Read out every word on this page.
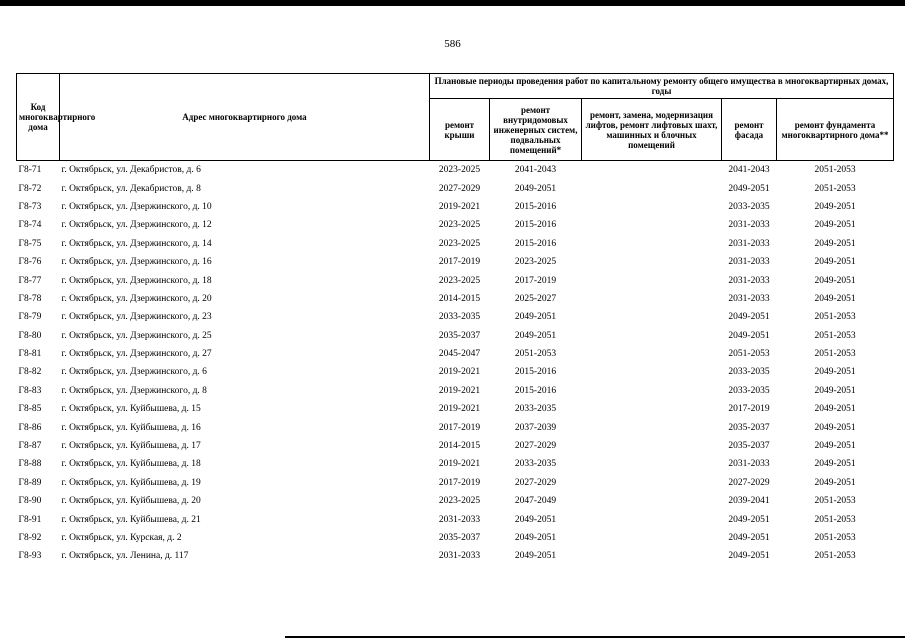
586
Код многоквартирного дома	Адрес многоквартирного дома	Плановые периоды проведения работ по капитальному ремонту общего имущества в многоквартирных домах, годы				
		ремонт крыши	ремонт внутридомовых инженерных систем, подвальных помещений*	ремонт, замена, модернизация лифтов, ремонт лифтовых шахт, машинных и блочных помещений	ремонт фасада	ремонт фундамента многоквартирного дома**
Г8-71	г. Октябрьск, ул. Декабристов, д. 6	2023-2025	2041-2043		2041-2043	2051-2053
Г8-72	г. Октябрьск, ул. Декабристов, д. 8	2027-2029	2049-2051		2049-2051	2051-2053
Г8-73	г. Октябрьск, ул. Дзержинского, д. 10	2019-2021	2015-2016		2033-2035	2049-2051
Г8-74	г. Октябрьск, ул. Дзержинского, д. 12	2023-2025	2015-2016		2031-2033	2049-2051
Г8-75	г. Октябрьск, ул. Дзержинского, д. 14	2023-2025	2015-2016		2031-2033	2049-2051
Г8-76	г. Октябрьск, ул. Дзержинского, д. 16	2017-2019	2023-2025		2031-2033	2049-2051
Г8-77	г. Октябрьск, ул. Дзержинского, д. 18	2023-2025	2017-2019		2031-2033	2049-2051
Г8-78	г. Октябрьск, ул. Дзержинского, д. 20	2014-2015	2025-2027		2031-2033	2049-2051
Г8-79	г. Октябрьск, ул. Дзержинского, д. 23	2033-2035	2049-2051		2049-2051	2051-2053
Г8-80	г. Октябрьск, ул. Дзержинского, д. 25	2035-2037	2049-2051		2049-2051	2051-2053
Г8-81	г. Октябрьск, ул. Дзержинского, д. 27	2045-2047	2051-2053		2051-2053	2051-2053
Г8-82	г. Октябрьск, ул. Дзержинского, д. 6	2019-2021	2015-2016		2033-2035	2049-2051
Г8-83	г. Октябрьск, ул. Дзержинского, д. 8	2019-2021	2015-2016		2033-2035	2049-2051
Г8-85	г. Октябрьск, ул. Куйбышева, д. 15	2019-2021	2033-2035		2017-2019	2049-2051
Г8-86	г. Октябрьск, ул. Куйбышева, д. 16	2017-2019	2037-2039		2035-2037	2049-2051
Г8-87	г. Октябрьск, ул. Куйбышева, д. 17	2014-2015	2027-2029		2035-2037	2049-2051
Г8-88	г. Октябрьск, ул. Куйбышева, д. 18	2019-2021	2033-2035		2031-2033	2049-2051
Г8-89	г. Октябрьск, ул. Куйбышева, д. 19	2017-2019	2027-2029		2027-2029	2049-2051
Г8-90	г. Октябрьск, ул. Куйбышева, д. 20	2023-2025	2047-2049		2039-2041	2051-2053
Г8-91	г. Октябрьск, ул. Куйбышева, д. 21	2031-2033	2049-2051		2049-2051	2051-2053
Г8-92	г. Октябрьск, ул. Курская, д. 2	2035-2037	2049-2051		2049-2051	2051-2053
Г8-93	г. Октябрьск, ул. Ленина, д. 117	2031-2033	2049-2051		2049-2051	2051-2053
